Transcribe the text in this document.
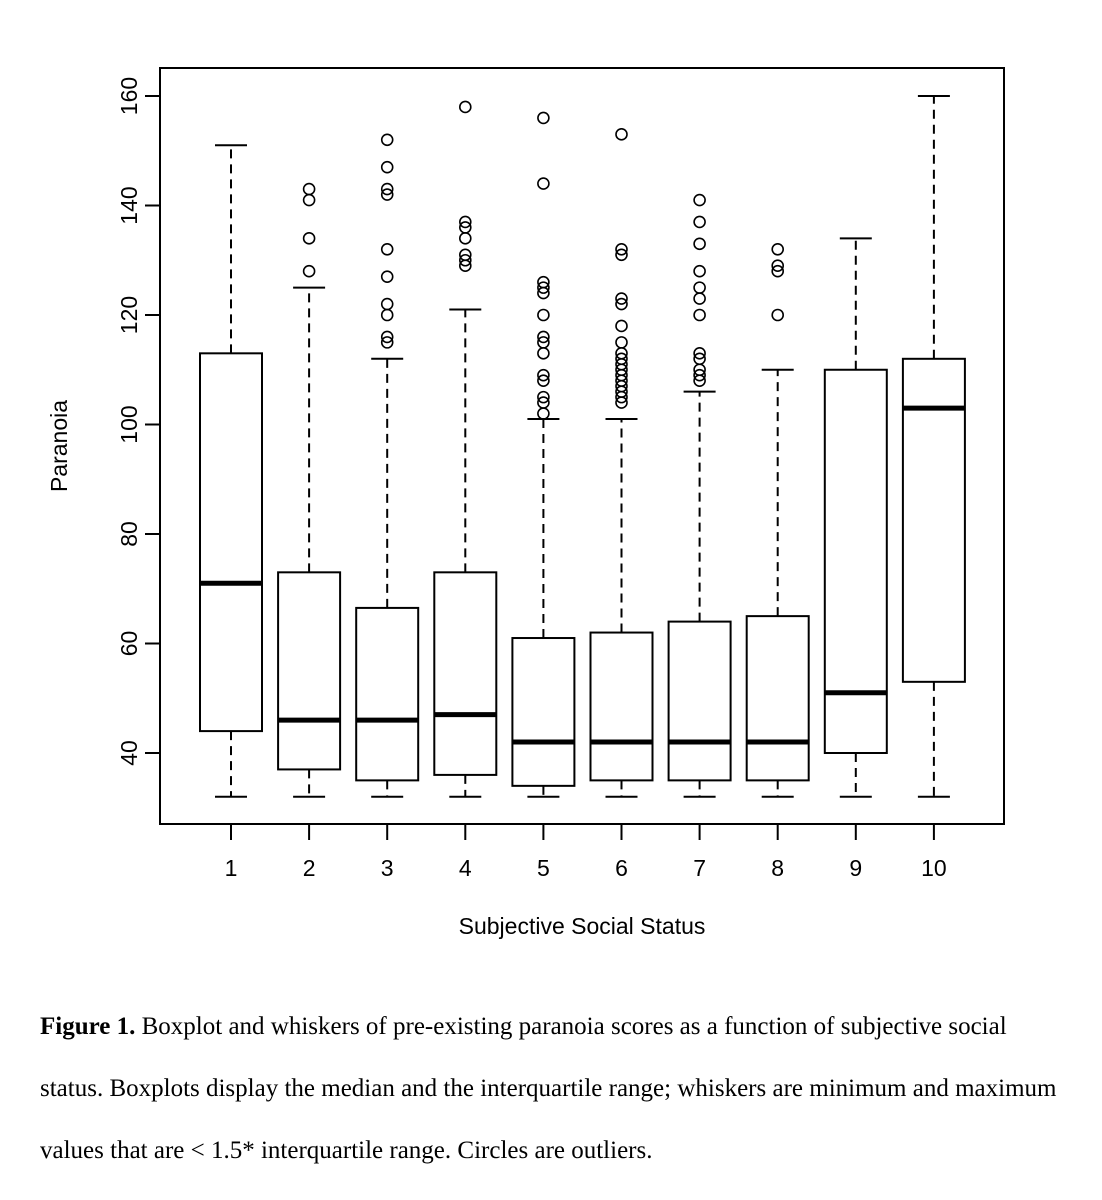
40
60
80
100
120
140
160
1	2	3	4	5	6	7	8	9	10
Paranoia
Subjective Social Status
Figure 1. Boxplot and whiskers of pre-existing paranoia scores as a function of subjective social status. Boxplots display the median and the interquartile range; whiskers are minimum and maximum values that are < 1.5* interquartile range. Circles are outliers.
